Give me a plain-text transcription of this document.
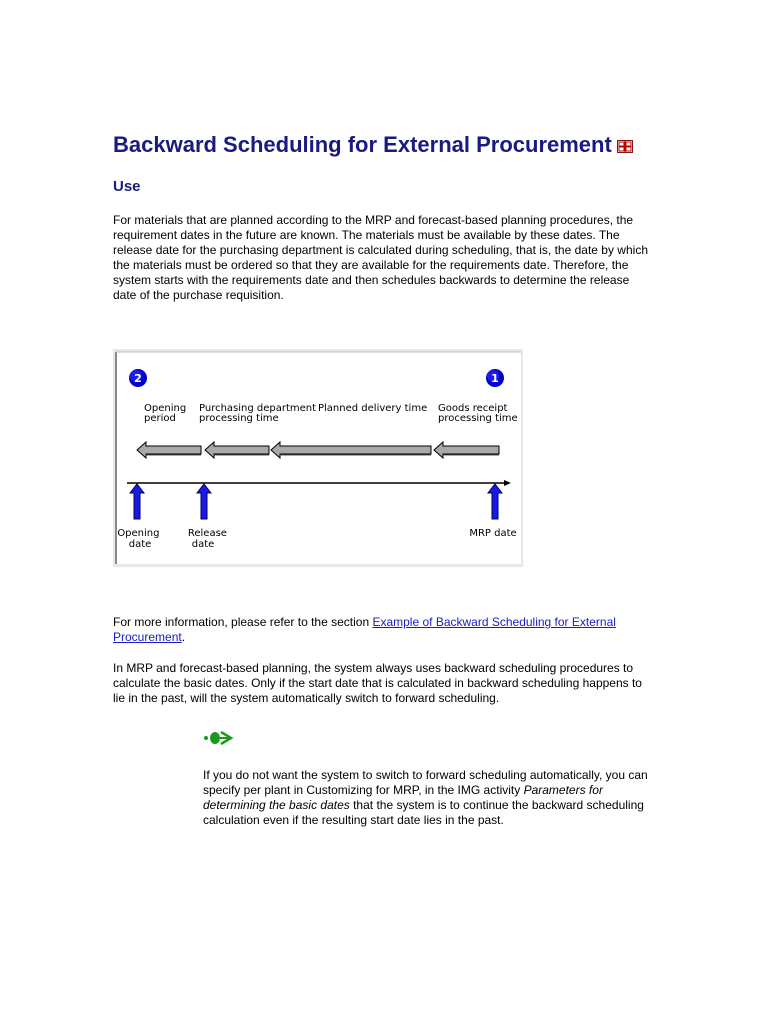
Backward Scheduling for External Procurement
Use

For materials that are planned according to the MRP and forecast-based planning procedures, the requirement dates in the future are known. The materials must be available by these dates. The release date for the purchasing department is calculated during scheduling, that is, the date by which the materials must be ordered so that they are available for the requirements date. Therefore, the system starts with the requirements date and then schedules backwards to determine the release date of the purchase requisition.

2	1
Opening period
Purchasing department processing time
Planned delivery time Goods receipt processing time
Opening date
Release date
MRP date

For more information, please refer to the section Example of Backward Scheduling for External Procurement.

In MRP and forecast-based planning, the system always uses backward scheduling procedures to calculate the basic dates. Only if the start date that is calculated in backward scheduling happens to lie in the past, will the system automatically switch to forward scheduling.

If you do not want the system to switch to forward scheduling automatically, you can specify per plant in Customizing for MRP, in the IMG activity Parameters for determining the basic dates that the system is to continue the backward scheduling calculation even if the resulting start date lies in the past.
